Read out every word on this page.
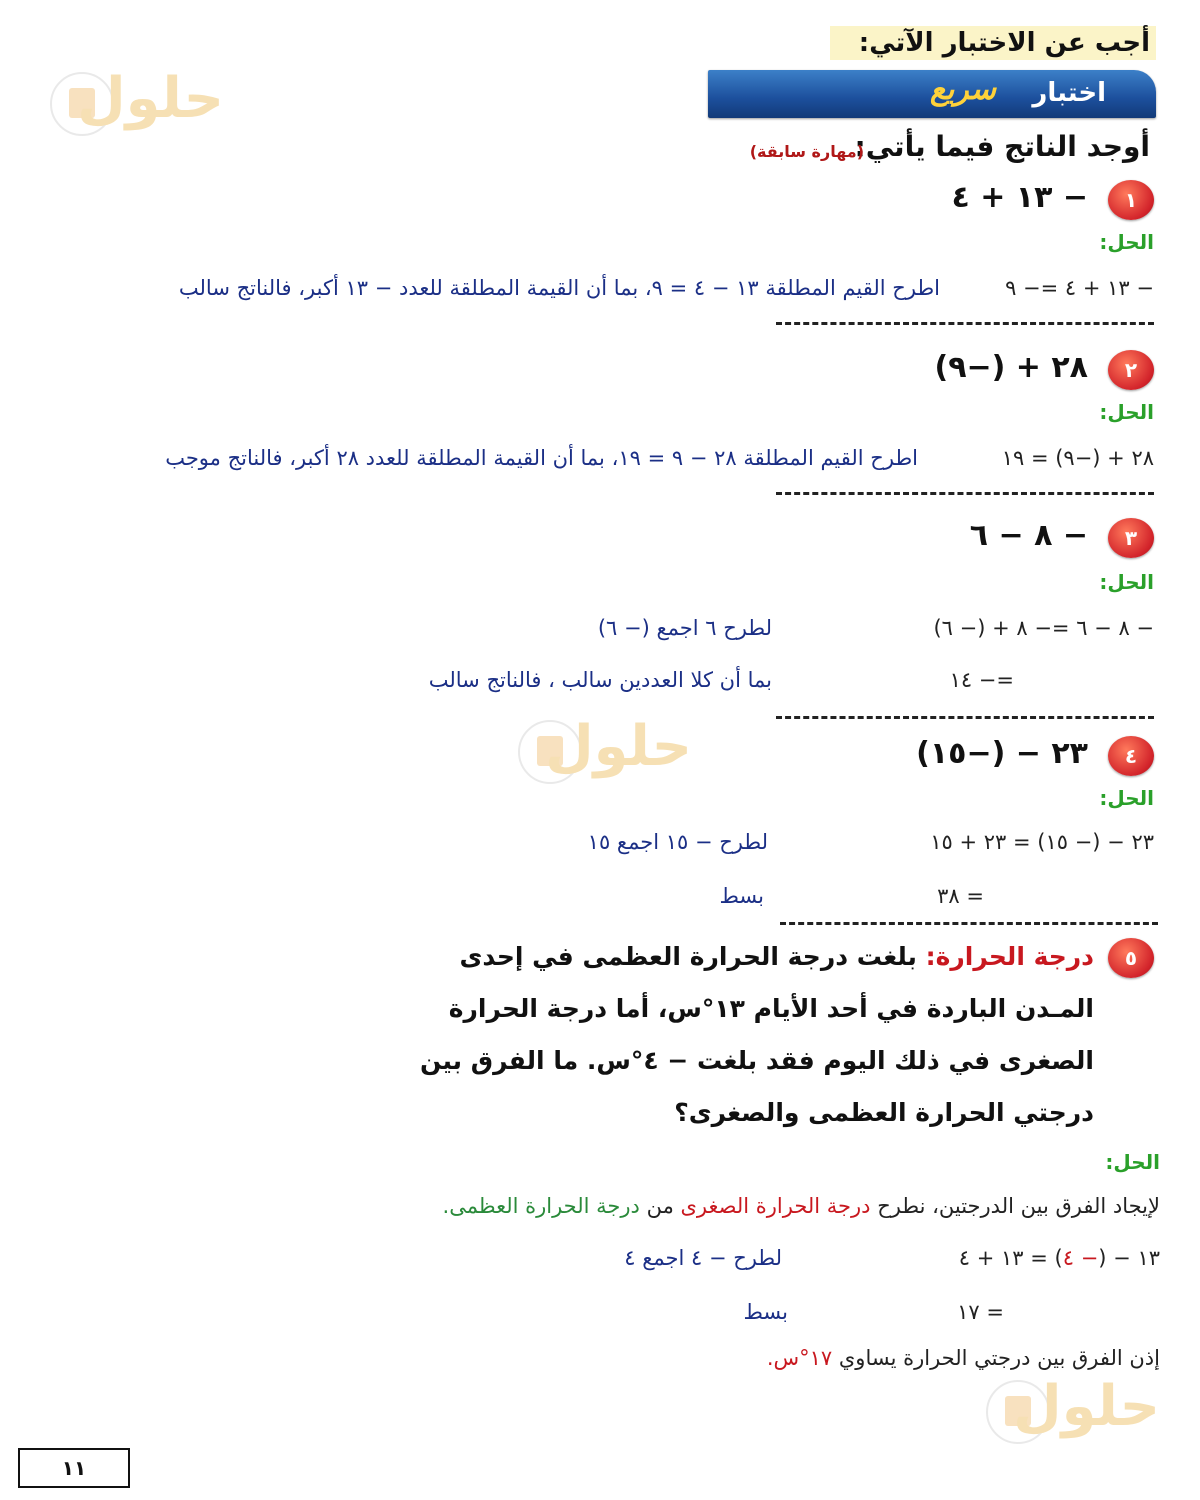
حلول
حلول
حلول
أجب عن الاختبار الآتي:
اختبار
سريع
أوجد الناتج فيما يأتي:
(مهارة سابقة)
١
− ١٣ + ٤
الحل:
− ١٣ + ٤ =− ٩
اطرح القيم المطلقة ١٣ − ٤ = ٩، بما أن القيمة المطلقة للعدد − ١٣ أكبر، فالناتج سالب
٢
٢٨ + (−٩)
الحل:
٢٨ + (−٩) = ١٩
اطرح القيم المطلقة ٢٨ − ٩ = ١٩، بما أن القيمة المطلقة للعدد ٢٨ أكبر، فالناتج موجب
٣
− ٨ − ٦
الحل:
− ٨ − ٦ =− ٨ + (− ٦)
لطرح ٦ اجمع (− ٦)
=− ١٤
بما أن كلا العددين سالب ، فالناتج سالب
٤
٢٣ − (−١٥)
الحل:
٢٣ − (− ١٥) = ٢٣ + ١٥
لطرح − ١٥ اجمع ١٥
= ٣٨
بسط
٥
درجة الحرارة: بلغت درجة الحرارة العظمى في إحدى
المـدن الباردة في أحد الأيام ١٣°س، أما درجة الحرارة
الصغرى في ذلك اليوم فقد بلغت − ٤°س. ما الفرق بين
درجتي الحرارة العظمى والصغرى؟
الحل:
لإيجاد الفرق بين الدرجتين، نطرح درجة الحرارة الصغرى من درجة الحرارة العظمى.
١٣ − (− ٤) = ١٣ + ٤
لطرح − ٤ اجمع ٤
= ١٧
بسط
إذن الفرق بين درجتي الحرارة يساوي ١٧°س.
١١
